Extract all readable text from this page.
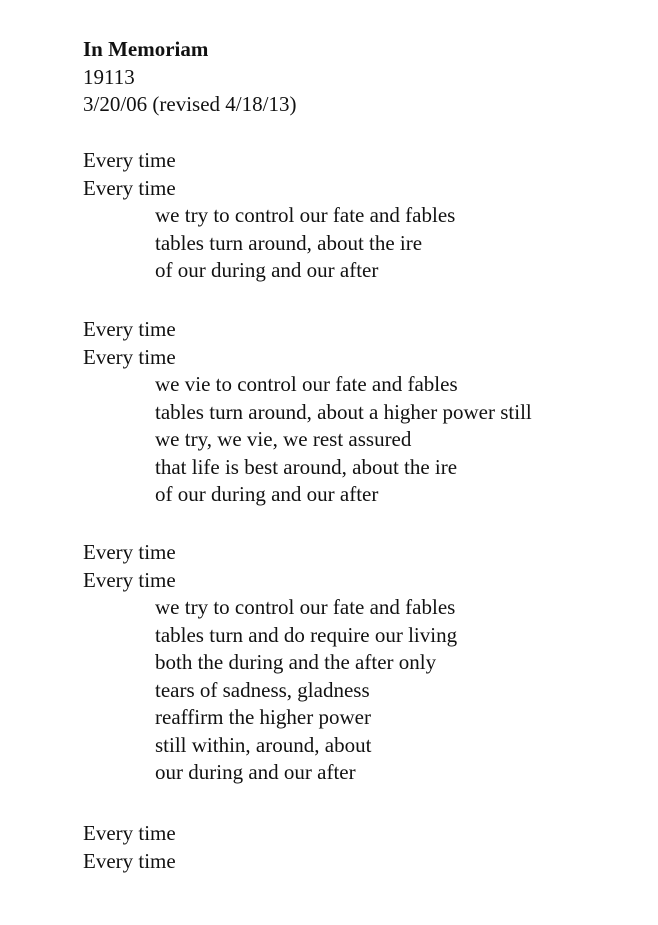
In Memoriam
19113
3/20/06 (revised 4/18/13)
Every time
Every time
we try to control our fate and fables
tables turn around, about the ire
of our during and our after
Every time
Every time
we vie to control our fate and fables
tables turn around, about a higher power still
we try, we vie, we rest assured
that life is best around, about the ire
of our during and our after
Every time
Every time
we try to control our fate and fables
tables turn and do require our living
both the during and the after only
tears of sadness, gladness
reaffirm the higher power
still within, around, about
our during and our after
Every time
Every time
